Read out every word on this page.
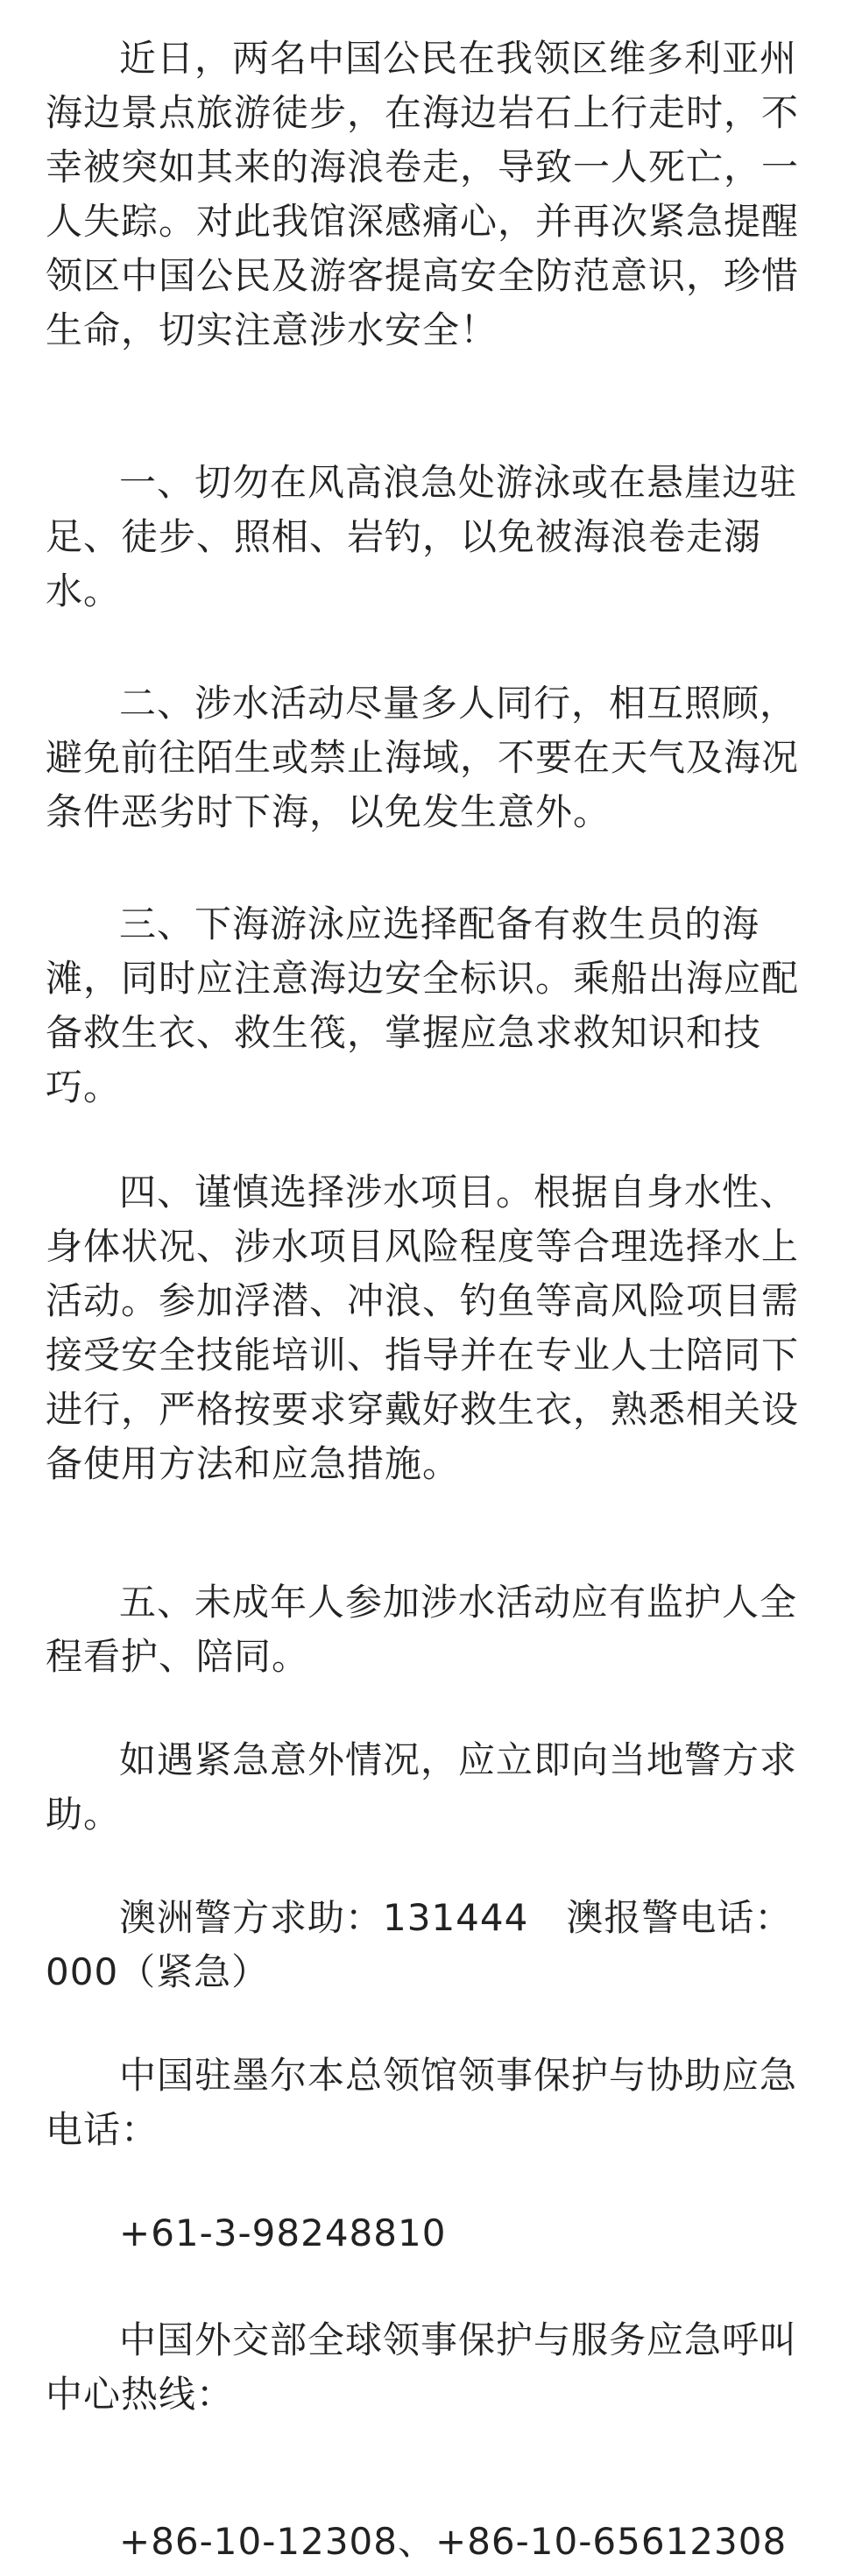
近日，两名中国公民在我领区维多利亚州
海边景点旅游徒步，在海边岩石上行走时，不
幸被突如其来的海浪卷走，导致一人死亡，一
人失踪。对此我馆深感痛心，并再次紧急提醒
领区中国公民及游客提高安全防范意识，珍惜
生命，切实注意涉水安全！

一、切勿在风高浪急处游泳或在悬崖边驻
足、徒步、照相、岩钓，以免被海浪卷走溺
水。

二、涉水活动尽量多人同行，相互照顾，
避免前往陌生或禁止海域，不要在天气及海况
条件恶劣时下海，以免发生意外。

三、下海游泳应选择配备有救生员的海
滩，同时应注意海边安全标识。乘船出海应配
备救生衣、救生筏，掌握应急求救知识和技
巧。

四、谨慎选择涉水项目。根据自身水性、
身体状况、涉水项目风险程度等合理选择水上
活动。参加浮潜、冲浪、钓鱼等高风险项目需
接受安全技能培训、指导并在专业人士陪同下
进行，严格按要求穿戴好救生衣，熟悉相关设
备使用方法和应急措施。

五、未成年人参加涉水活动应有监护人全
程看护、陪同。

如遇紧急意外情况，应立即向当地警方求
助。

澳洲警方求助：131444　澳报警电话：
000（紧急）

中国驻墨尔本总领馆领事保护与协助应急
电话：

+61-3-98248810

中国外交部全球领事保护与服务应急呼叫
中心热线：

+86-10-12308、+86-10-65612308
